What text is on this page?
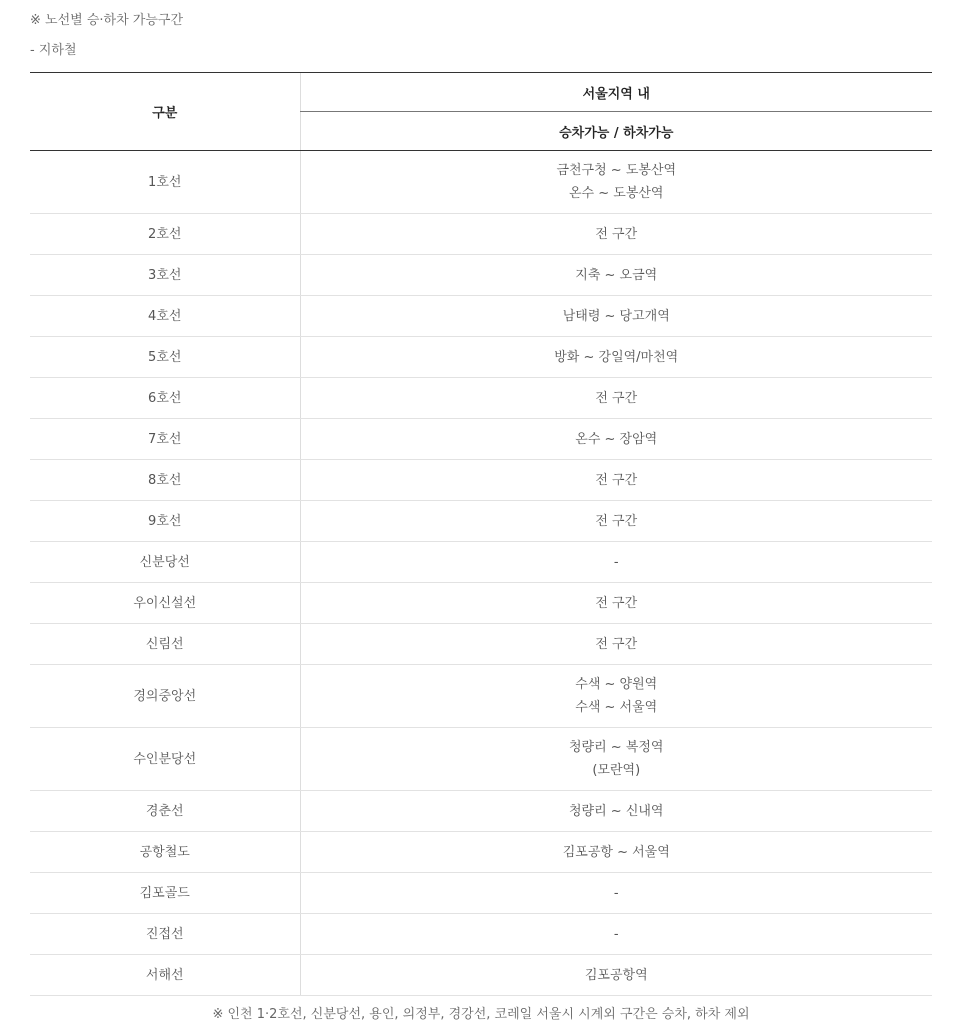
※ 노선별 승·하차 가능구간
- 지하철
구분	서울지역 내
	승차가능 / 하차가능
1호선	금천구청 ~ 도봉산역
온수 ~ 도봉산역

2호선	전 구간

3호선	지축 ~ 오금역

4호선	남태령 ~ 당고개역

5호선	방화 ~ 강일역/마천역

6호선	전 구간

7호선	온수 ~ 장암역

8호선	전 구간

9호선	전 구간

신분당선	-

우이신설선	전 구간

신림선	전 구간

경의중앙선	수색 ~ 양원역
수색 ~ 서울역

수인분당선	청량리 ~ 복정역
(모란역)

경춘선	청량리 ~ 신내역

공항철도	김포공항 ~ 서울역

김포골드	-

진접선	-

서해선	김포공항역
※ 인천 1·2호선, 신분당선, 용인, 의정부, 경강선, 코레일 서울시 시계외 구간은 승차, 하차 제외
